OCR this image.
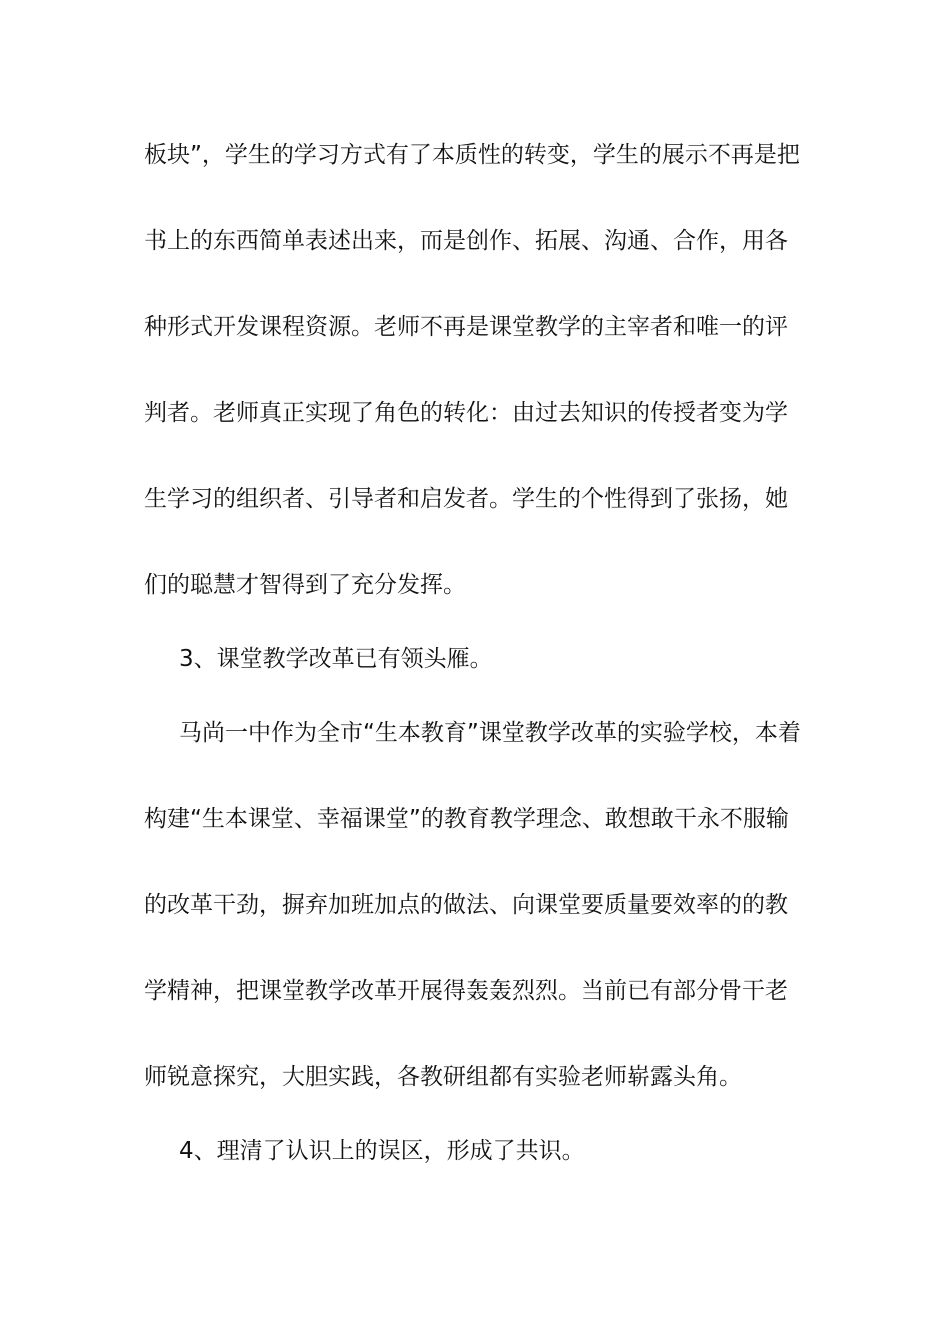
板块”，学生的学习方式有了本质性的转变，学生的展示不再是把
书上的东西简单表述出来，而是创作、拓展、沟通、合作，用各
种形式开发课程资源。老师不再是课堂教学的主宰者和唯一的评
判者。老师真正实现了角色的转化：由过去知识的传授者变为学
生学习的组织者、引导者和启发者。学生的个性得到了张扬，她
们的聪慧才智得到了充分发挥。
3、课堂教学改革已有领头雁。
马尚一中作为全市“生本教育”课堂教学改革的实验学校，本着
构建“生本课堂、幸福课堂”的教育教学理念、敢想敢干永不服输
的改革干劲，摒弃加班加点的做法、向课堂要质量要效率的的教
学精神，把课堂教学改革开展得轰轰烈烈。当前已有部分骨干老
师锐意探究，大胆实践，各教研组都有实验老师崭露头角。
4、理清了认识上的误区，形成了共识。
